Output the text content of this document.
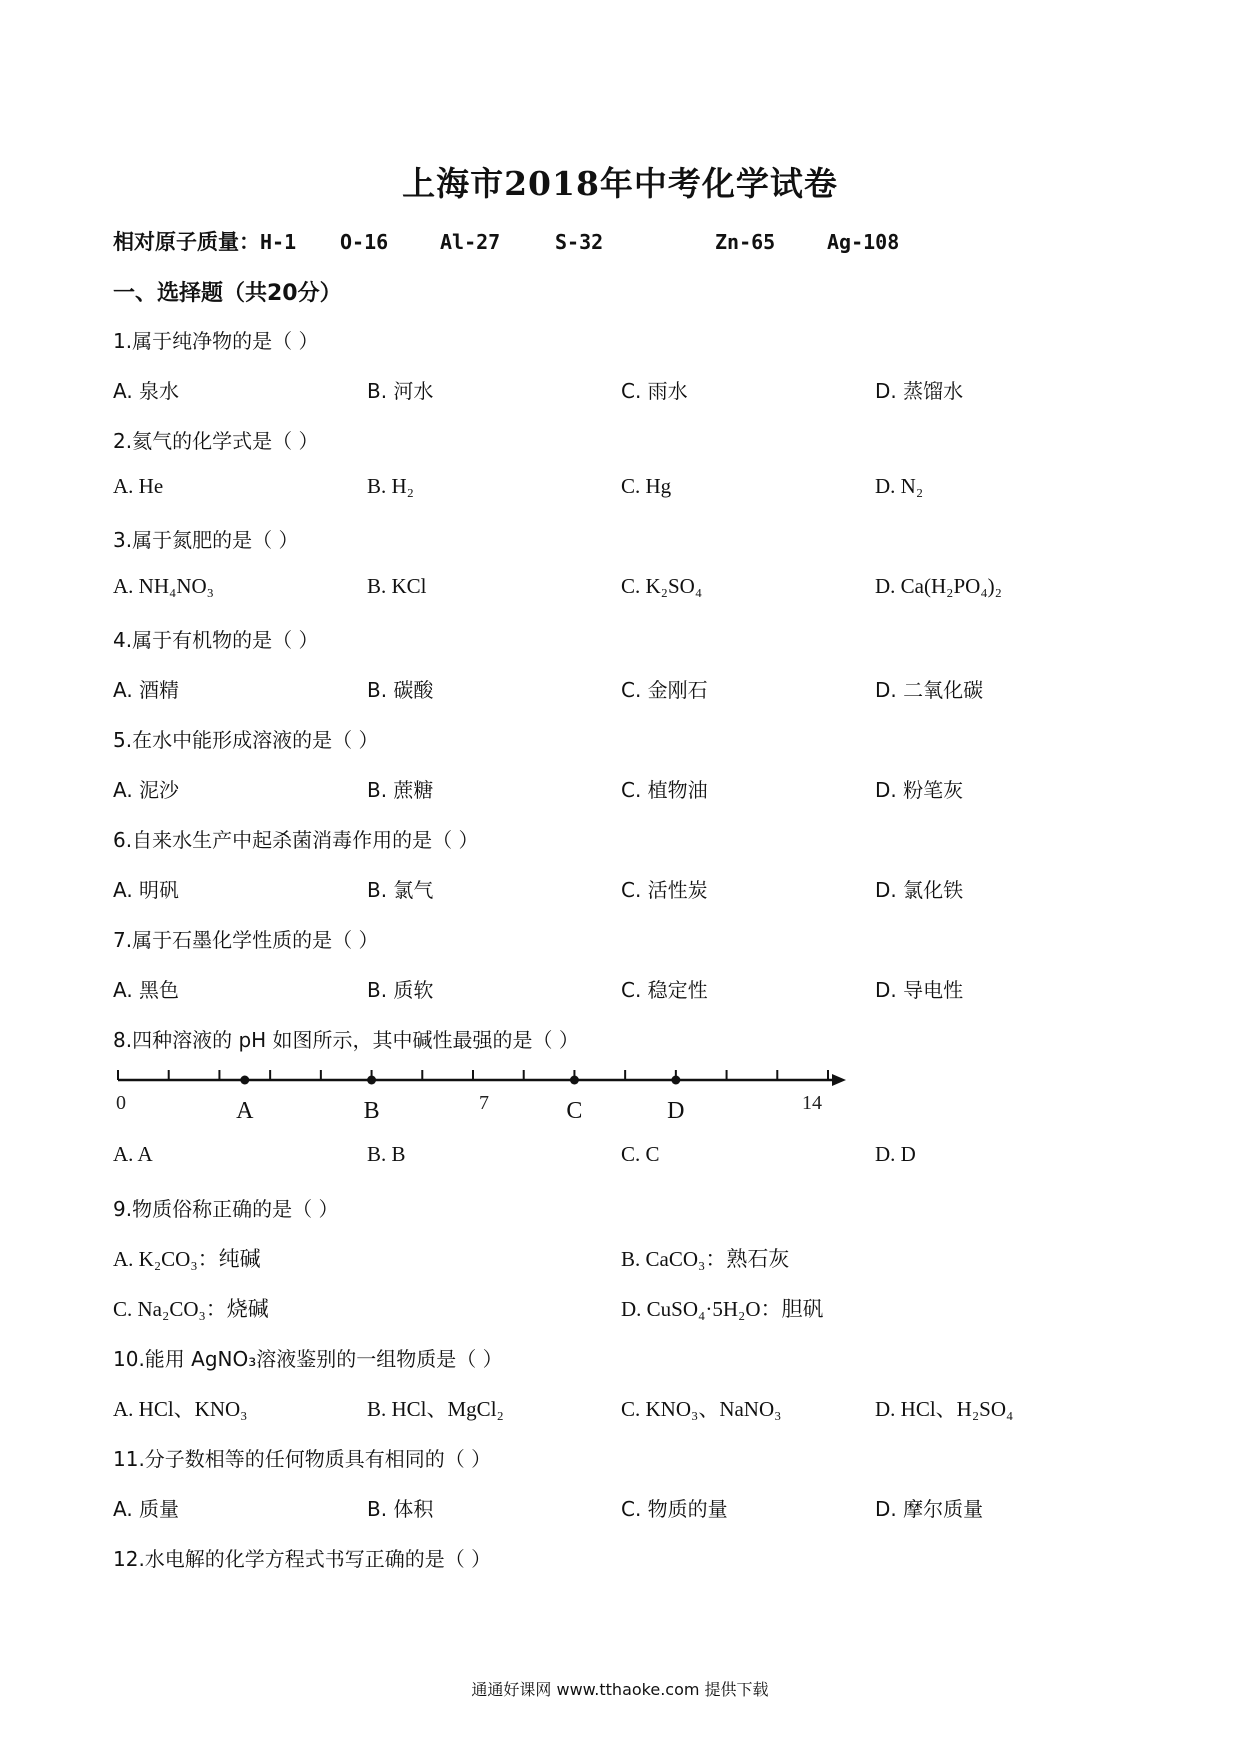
上海市2018年中考化学试卷
相对原子质量：H-1 O-16	Al-27	S-32	Zn-65	Ag-108
一、选择题（共20分）
1.属于纯净物的是（ ）
A. 泉水	B. 河水	C. 雨水	D. 蒸馏水
2.氦气的化学式是（ ）
A. He	B. H₂	C. Hg	D. N₂
3.属于氮肥的是（ ）
A. NH₄NO₃	B. KCl	C. K₂SO₄	D. Ca(H₂PO₄)₂
4.属于有机物的是（ ）
A. 酒精	B. 碳酸	C. 金刚石	D. 二氧化碳
5.在水中能形成溶液的是（ ）
A. 泥沙	B. 蔗糖	C. 植物油	D. 粉笔灰
6.自来水生产中起杀菌消毒作用的是（ ）
A. 明矾	B. 氯气	C. 活性炭	D. 氯化铁
7.属于石墨化学性质的是（ ）
A. 黑色	B. 质软	C. 稳定性	D. 导电性
8.四种溶液的 pH 如图所示，其中碱性最强的是（ ）
0	7	14
A	B	C	D
A. A	B. B	C. C	D. D
9.物质俗称正确的是（ ）
A. K₂CO₃：纯碱	B. CaCO₃：熟石灰
C. Na₂CO₃：烧碱	D. CuSO₄·5H₂O：胆矾
10.能用 AgNO₃溶液鉴别的一组物质是（ ）
A. HCl、KNO₃	B. HCl、MgCl₂	C. KNO₃、NaNO₃	D. HCl、H₂SO₄
11.分子数相等的任何物质具有相同的（ ）
A. 质量	B. 体积	C. 物质的量	D. 摩尔质量
12.水电解的化学方程式书写正确的是（ ）
通通好课网 www.tthaoke.com 提供下载
